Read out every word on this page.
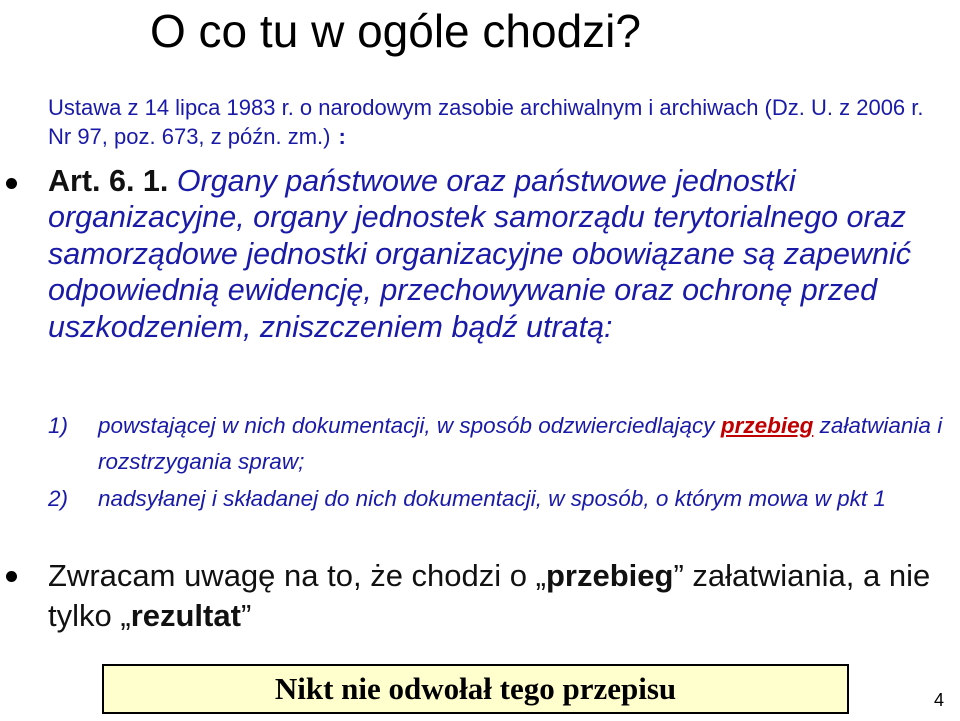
O co tu w ogóle chodzi?
Ustawa z 14 lipca 1983 r. o narodowym zasobie archiwalnym i archiwach (Dz. U. z 2006 r. Nr 97, poz. 673, z późn. zm.) :
Art. 6. 1. Organy państwowe oraz państwowe jednostki organizacyjne, organy jednostek samorządu terytorialnego oraz samorządowe jednostki organizacyjne obowiązane są zapewnić odpowiednią ewidencję, przechowywanie oraz ochronę przed uszkodzeniem, zniszczeniem bądź utratą:
1) powstającej w nich dokumentacji, w sposób odzwierciedlający przebieg załatwiania i rozstrzygania spraw;
2) nadsyłanej i składanej do nich dokumentacji, w sposób, o którym mowa w pkt 1
Zwracam uwagę na to, że chodzi o „przebieg” załatwiania, a nie tylko „rezultat”
Nikt nie odwołał tego przepisu	4
